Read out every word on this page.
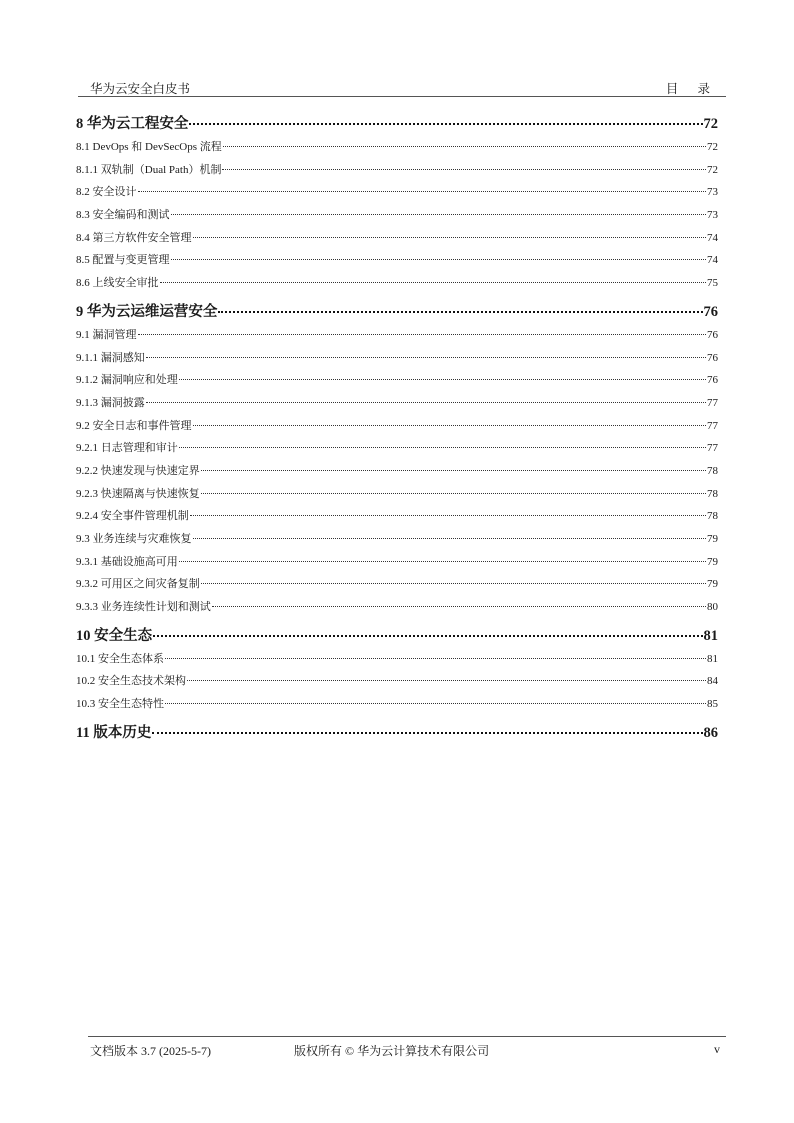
华为云安全白皮书	目 录
8 华为云工程安全	72
8.1 DevOps 和 DevSecOps 流程	72
8.1.1 双轨制（Dual Path）机制	72
8.2 安全设计	73
8.3 安全编码和测试	73
8.4 第三方软件安全管理	74
8.5 配置与变更管理	74
8.6 上线安全审批	75
9 华为云运维运营安全	76
9.1 漏洞管理	76
9.1.1 漏洞感知	76
9.1.2 漏洞响应和处理	76
9.1.3 漏洞披露	77
9.2 安全日志和事件管理	77
9.2.1 日志管理和审计	77
9.2.2 快速发现与快速定界	78
9.2.3 快速隔离与快速恢复	78
9.2.4 安全事件管理机制	78
9.3 业务连续与灾难恢复	79
9.3.1 基础设施高可用	79
9.3.2 可用区之间灾备复制	79
9.3.3 业务连续性计划和测试	80
10 安全生态	81
10.1 安全生态体系	81
10.2 安全生态技术架构	84
10.3 安全生态特性	85
11 版本历史	86
文档版本 3.7 (2025-5-7)	版权所有 © 华为云计算技术有限公司	v
